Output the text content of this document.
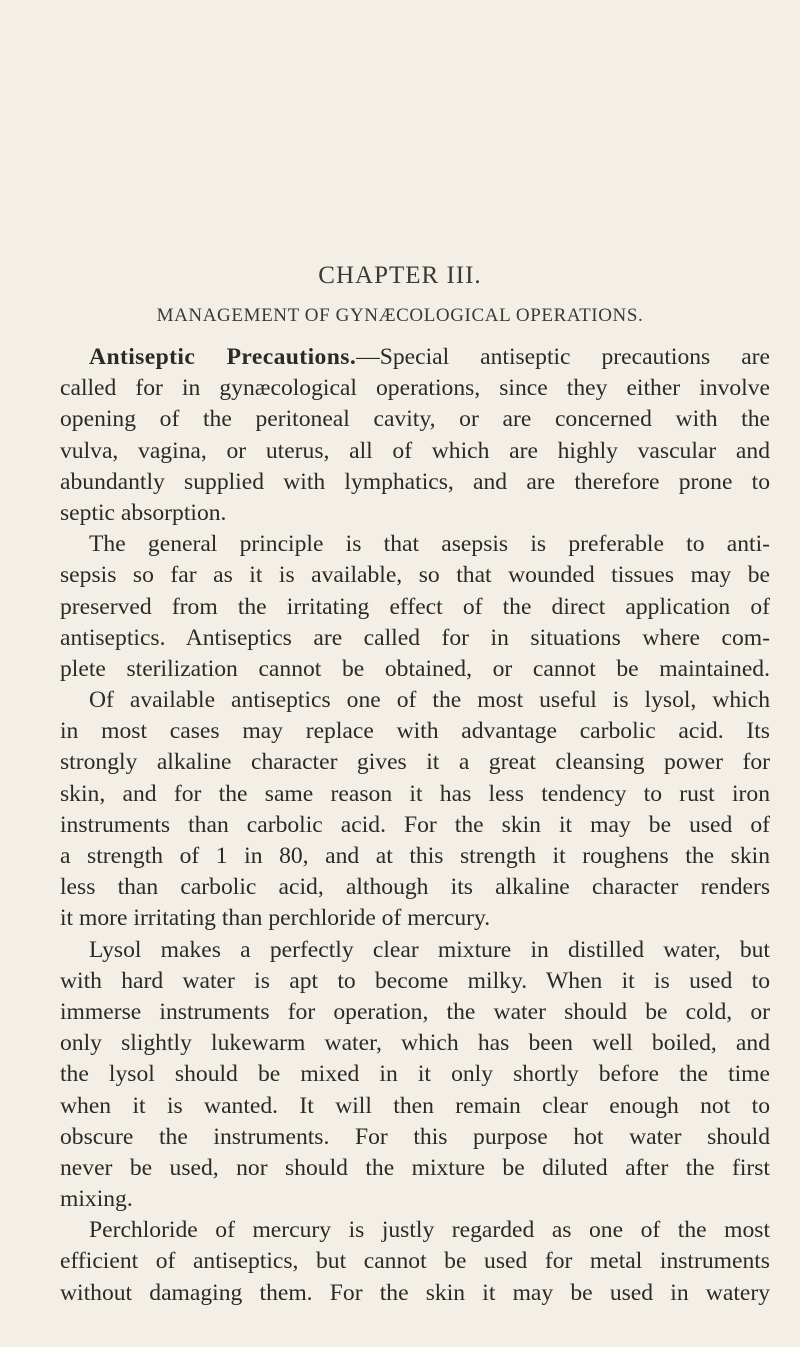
CHAPTER III.
MANAGEMENT OF GYNÆCOLOGICAL OPERATIONS.
Antiseptic Precautions.—Special antiseptic precautions are
called for in gynæcological operations, since they either involve
opening of the peritoneal cavity, or are concerned with the
vulva, vagina, or uterus, all of which are highly vascular and
abundantly supplied with lymphatics, and are therefore prone to
septic absorption.
The general principle is that asepsis is preferable to anti-
sepsis so far as it is available, so that wounded tissues may be
preserved from the irritating effect of the direct application of
antiseptics. Antiseptics are called for in situations where com-
plete sterilization cannot be obtained, or cannot be maintained.
Of available antiseptics one of the most useful is lysol, which
in most cases may replace with advantage carbolic acid. Its
strongly alkaline character gives it a great cleansing power for
skin, and for the same reason it has less tendency to rust iron
instruments than carbolic acid. For the skin it may be used of
a strength of 1 in 80, and at this strength it roughens the skin
less than carbolic acid, although its alkaline character renders
it more irritating than perchloride of mercury.
Lysol makes a perfectly clear mixture in distilled water, but
with hard water is apt to become milky. When it is used to
immerse instruments for operation, the water should be cold, or
only slightly lukewarm water, which has been well boiled, and
the lysol should be mixed in it only shortly before the time
when it is wanted. It will then remain clear enough not to
obscure the instruments. For this purpose hot water should
never be used, nor should the mixture be diluted after the first
mixing.
Perchloride of mercury is justly regarded as one of the most
efficient of antiseptics, but cannot be used for metal instruments
without damaging them. For the skin it may be used in watery
